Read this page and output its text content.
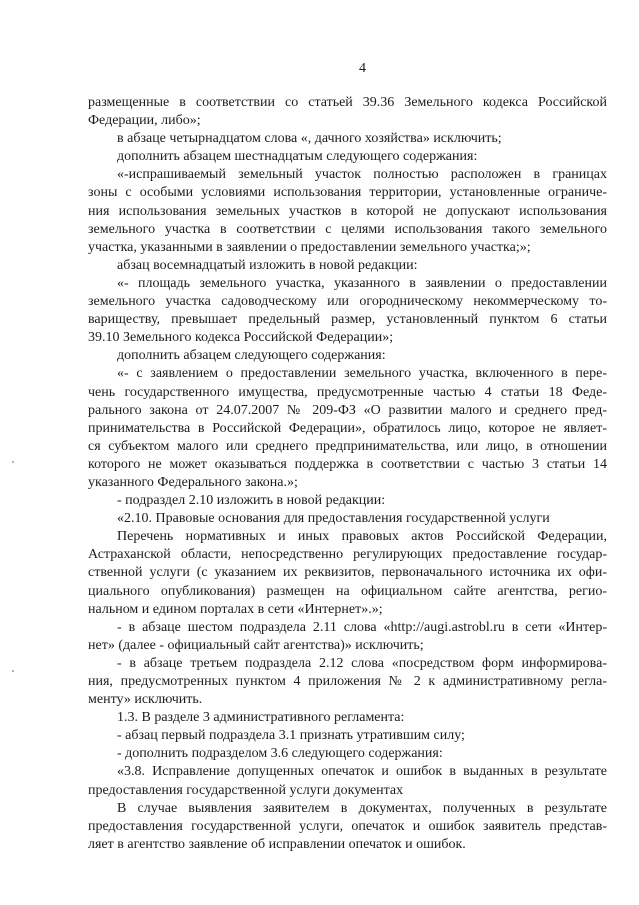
4
размещенные в соответствии со статьей 39.36 Земельного кодекса Российской
Федерации, либо»;
в абзаце четырнадцатом слова «, дачного хозяйства» исключить;
дополнить абзацем шестнадцатым следующего содержания:
«-испрашиваемый земельный участок полностью расположен в границах
зоны с особыми условиями использования территории, установленные ограниче-
ния использования земельных участков в которой не допускают использования
земельного участка в соответствии с целями использования такого земельного
участка, указанными в заявлении о предоставлении земельного участка;»;
абзац восемнадцатый изложить в новой редакции:
«- площадь земельного участка, указанного в заявлении о предоставлении
земельного участка садоводческому или огородническому некоммерческому то-
вариществу, превышает предельный размер, установленный пунктом 6 статьи
39.10 Земельного кодекса Российской Федерации»;
дополнить абзацем следующего содержания:
«- с заявлением о предоставлении земельного участка, включенного в пере-
чень государственного имущества, предусмотренные частью 4 статьи 18 Феде-
рального закона от 24.07.2007 № 209-ФЗ «О развитии малого и среднего пред-
принимательства в Российской Федерации», обратилось лицо, которое не являет-
ся субъектом малого или среднего предпринимательства, или лицо, в отношении
которого не может оказываться поддержка в соответствии с частью 3 статьи 14
указанного Федерального закона.»;
- подраздел 2.10 изложить в новой редакции:
«2.10. Правовые основания для предоставления государственной услуги
Перечень нормативных и иных правовых актов Российской Федерации,
Астраханской области, непосредственно регулирующих предоставление государ-
ственной услуги (с указанием их реквизитов, первоначального источника их офи-
циального опубликования) размещен на официальном сайте агентства, регио-
нальном и едином порталах в сети «Интернет».»;
- в абзаце шестом подраздела 2.11 слова «http://augi.astrobl.ru в сети «Интер-
нет» (далее - официальный сайт агентства)» исключить;
- в абзаце третьем подраздела 2.12 слова «посредством форм информирова-
ния, предусмотренных пунктом 4 приложения № 2 к административному регла-
менту» исключить.
1.3. В разделе 3 административного регламента:
- абзац первый подраздела 3.1 признать утратившим силу;
- дополнить подразделом 3.6 следующего содержания:
«3.8. Исправление допущенных опечаток и ошибок в выданных в результате
предоставления государственной услуги документах
В случае выявления заявителем в документах, полученных в результате
предоставления государственной услуги, опечаток и ошибок заявитель представ-
ляет в агентство заявление об исправлении опечаток и ошибок.
